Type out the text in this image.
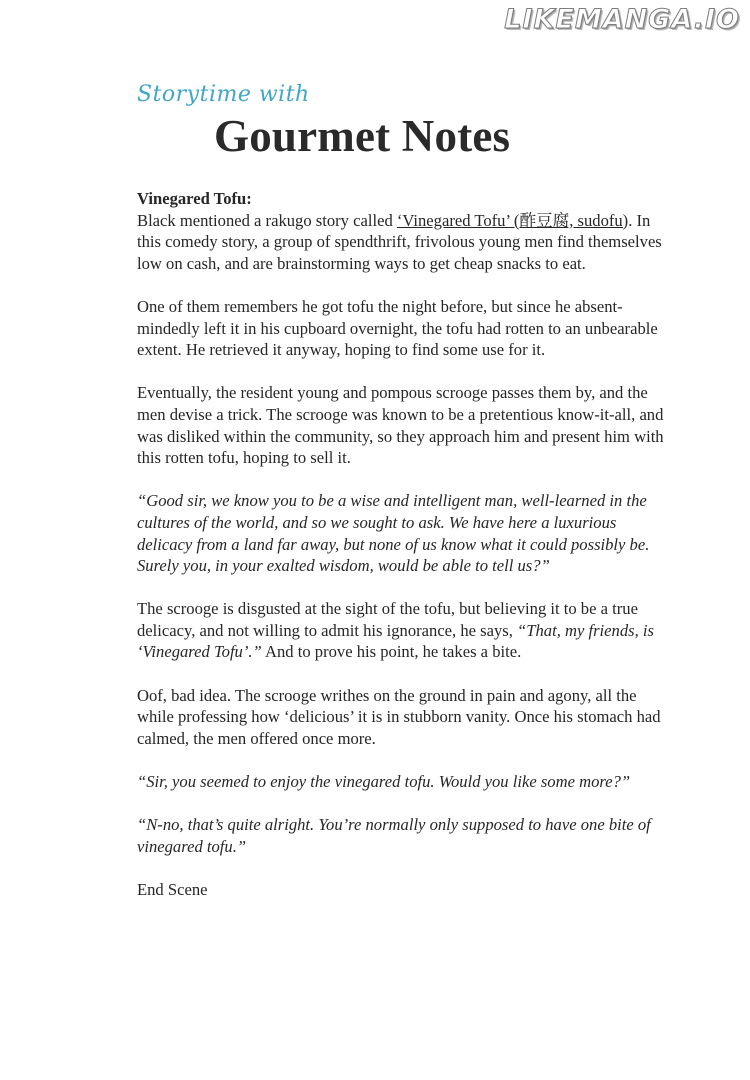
LIKEMANGA.IO
Storytime with
Gourmet Notes

Vinegared Tofu:
Black mentioned a rakugo story called ‘Vinegared Tofu’ (酢豆腐, sudofu). In this comedy story, a group of spendthrift, frivolous young men find themselves low on cash, and are brainstorming ways to get cheap snacks to eat.

One of them remembers he got tofu the night before, but since he absent-mindedly left it in his cupboard overnight, the tofu had rotten to an unbearable extent. He retrieved it anyway, hoping to find some use for it.

Eventually, the resident young and pompous scrooge passes them by, and the men devise a trick. The scrooge was known to be a pretentious know-it-all, and was disliked within the community, so they approach him and present him with this rotten tofu, hoping to sell it.

“Good sir, we know you to be a wise and intelligent man, well-learned in the cultures of the world, and so we sought to ask. We have here a luxurious delicacy from a land far away, but none of us know what it could possibly be. Surely you, in your exalted wisdom, would be able to tell us?”

The scrooge is disgusted at the sight of the tofu, but believing it to be a true delicacy, and not willing to admit his ignorance, he says, “That, my friends, is ‘Vinegared Tofu’.” And to prove his point, he takes a bite.

Oof, bad idea. The scrooge writhes on the ground in pain and agony, all the while professing how ‘delicious’ it is in stubborn vanity. Once his stomach had calmed, the men offered once more.

“Sir, you seemed to enjoy the vinegared tofu. Would you like some more?”

“N-no, that’s quite alright. You’re normally only supposed to have one bite of vinegared tofu.”

End Scene
